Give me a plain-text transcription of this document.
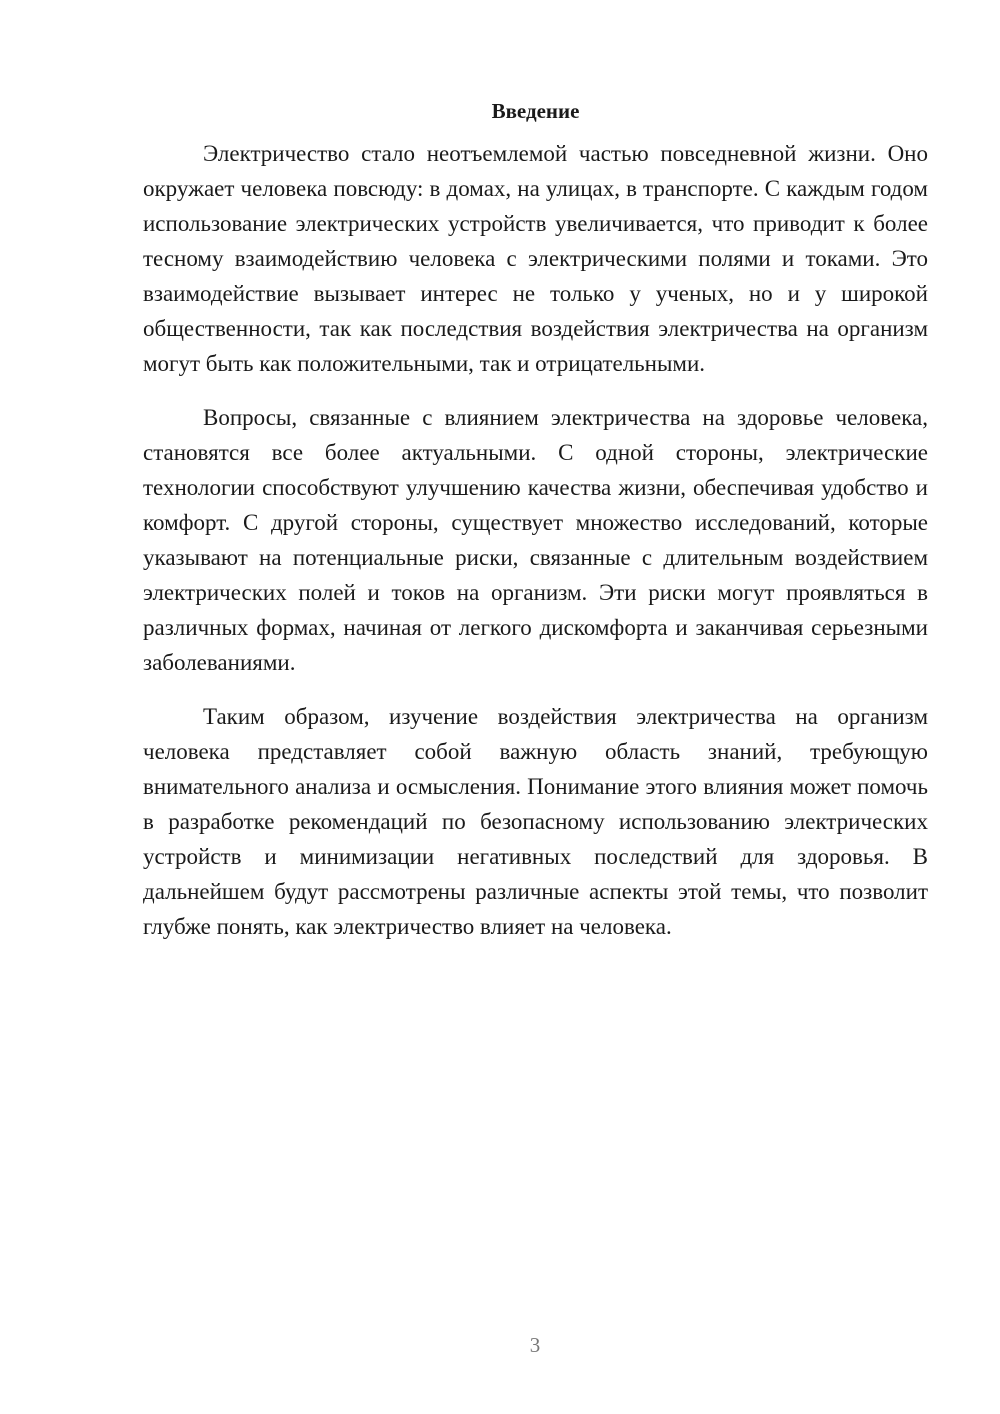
Введение

Электричество стало неотъемлемой частью повседневной жизни. Оно окружает человека повсюду: в домах, на улицах, в транспорте. С каждым годом использование электрических устройств увеличивается, что приводит к более тесному взаимодействию человека с электрическими полями и токами. Это взаимодействие вызывает интерес не только у ученых, но и у широкой общественности, так как последствия воздействия электричества на организм могут быть как положительными, так и отрицательными.

Вопросы, связанные с влиянием электричества на здоровье человека, становятся все более актуальными. С одной стороны, электрические технологии способствуют улучшению качества жизни, обеспечивая удобство и комфорт. С другой стороны, существует множество исследований, которые указывают на потенциальные риски, связанные с длительным воздействием электрических полей и токов на организм. Эти риски могут проявляться в различных формах, начиная от легкого дискомфорта и заканчивая серьезными заболеваниями.

Таким образом, изучение воздействия электричества на организм человека представляет собой важную область знаний, требующую внимательного анализа и осмысления. Понимание этого влияния может помочь в разработке рекомендаций по безопасному использованию электрических устройств и минимизации негативных последствий для здоровья. В дальнейшем будут рассмотрены различные аспекты этой темы, что позволит глубже понять, как электричество влияет на человека.

3
